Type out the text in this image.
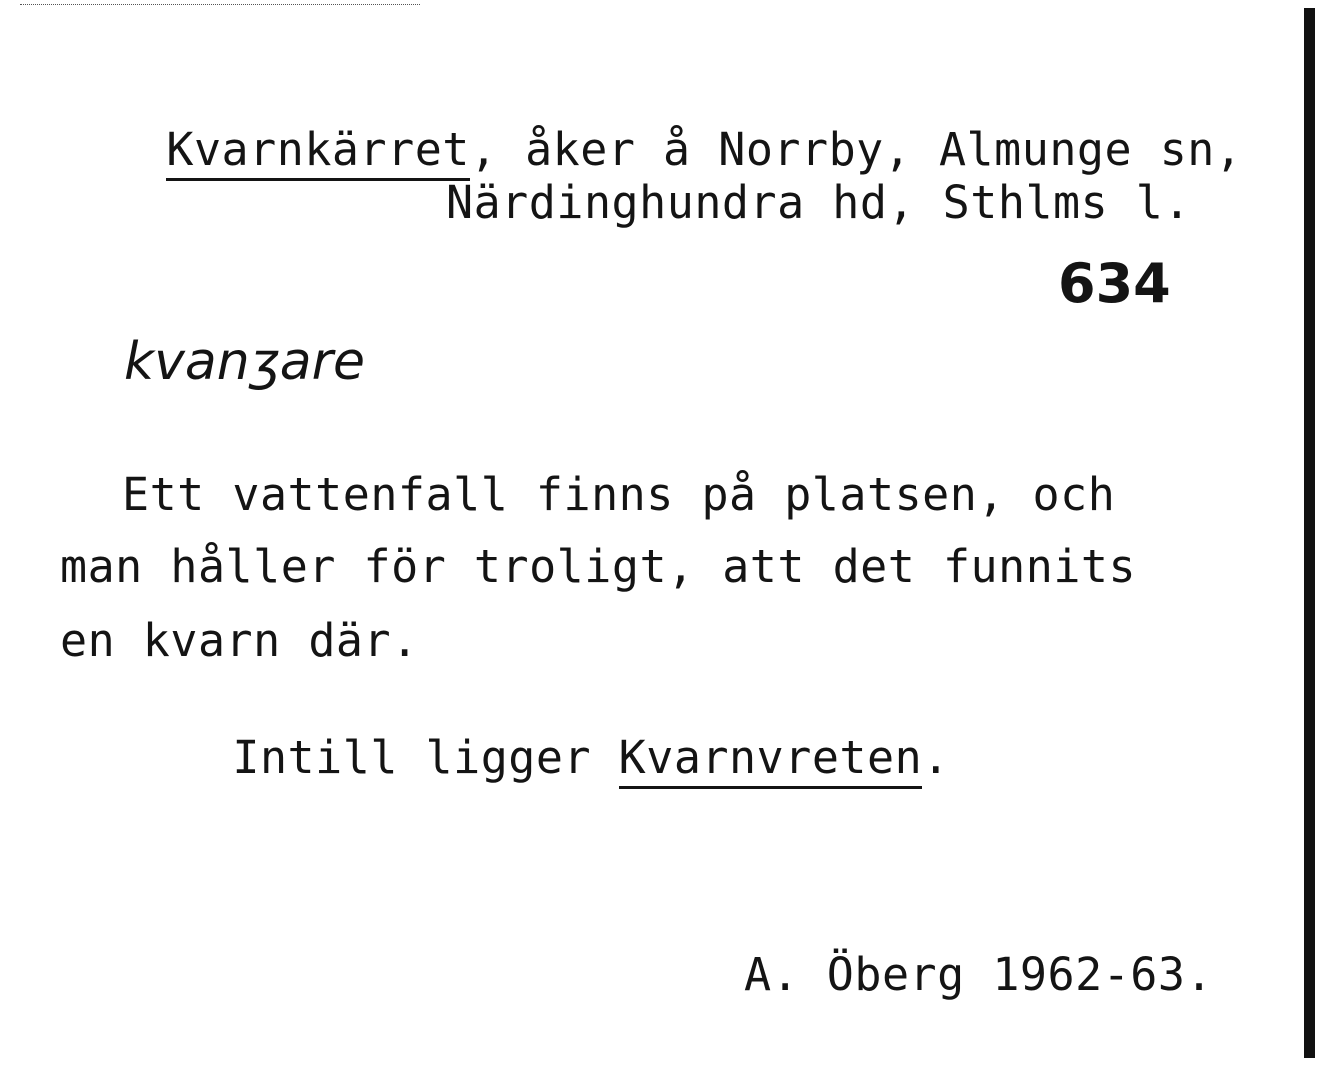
Kvarnkärret, åker å Norrby, Almunge sn,

Närdinghundra hd, Sthlms l.
634
kvanʒare
Ett vattenfall finns på platsen, och
man håller för troligt, att det funnits
en kvarn där.

Intill ligger Kvarnvreten.

A. Öberg 1962-63.
